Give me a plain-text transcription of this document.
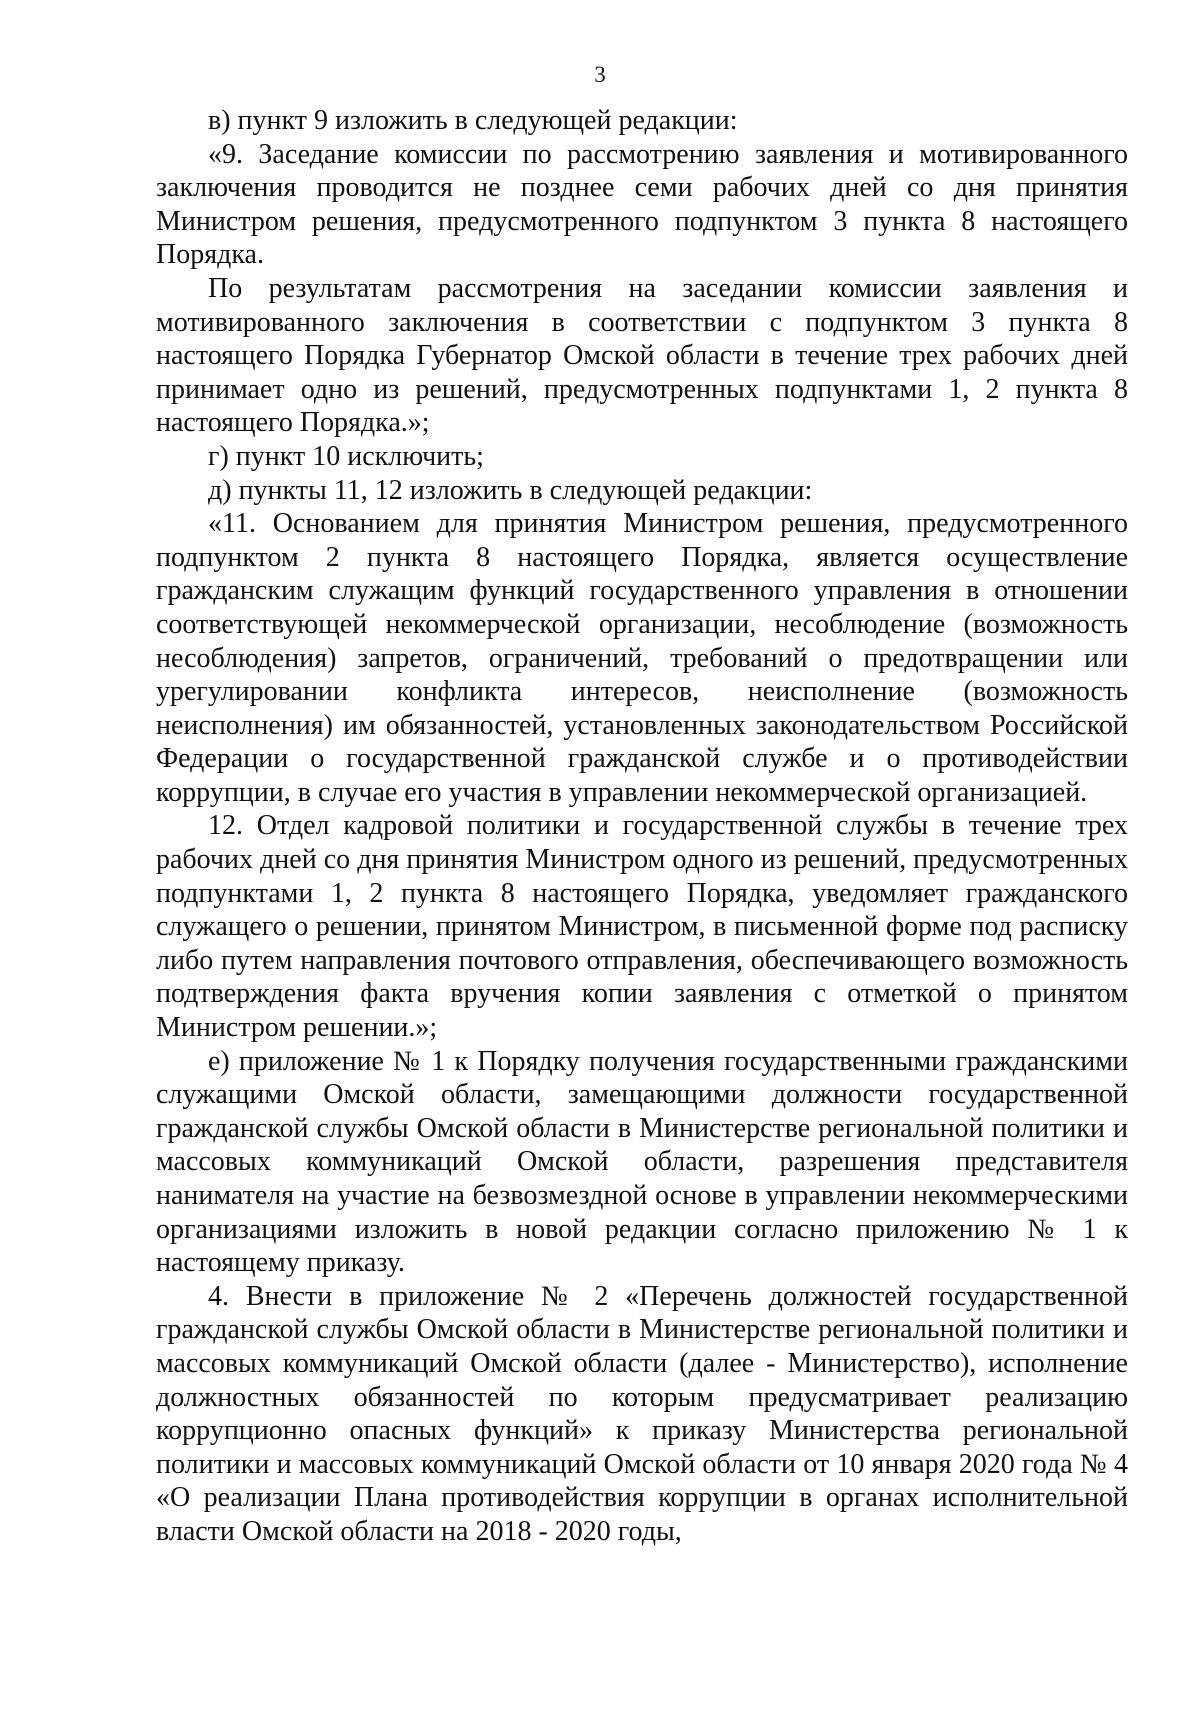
3

в) пункт 9 изложить в следующей редакции:

«9. Заседание комиссии по рассмотрению заявления и мотивированного заключения проводится не позднее семи рабочих дней со дня принятия Министром решения, предусмотренного подпунктом 3 пункта 8 настоящего Порядка.

По результатам рассмотрения на заседании комиссии заявления и мотивированного заключения в соответствии с подпунктом 3 пункта 8 настоящего Порядка Губернатор Омской области в течение трех рабочих дней принимает одно из решений, предусмотренных подпунктами 1, 2 пункта 8 настоящего Порядка.»;

г) пункт 10 исключить;

д) пункты 11, 12 изложить в следующей редакции:

«11. Основанием для принятия Министром решения, предусмотренного подпунктом 2 пункта 8 настоящего Порядка, является осуществление гражданским служащим функций государственного управления в отношении соответствующей некоммерческой организации, несоблюдение (возможность несоблюдения) запретов, ограничений, требований о предотвращении или урегулировании конфликта интересов, неисполнение (возможность неисполнения) им обязанностей, установленных законодательством Российской Федерации о государственной гражданской службе и о противодействии коррупции, в случае его участия в управлении некоммерческой организацией.

12. Отдел кадровой политики и государственной службы в течение трех рабочих дней со дня принятия Министром одного из решений, предусмотренных подпунктами 1, 2 пункта 8 настоящего Порядка, уведомляет гражданского служащего о решении, принятом Министром, в письменной форме под расписку либо путем направления почтового отправления, обеспечивающего возможность подтверждения факта вручения копии заявления с отметкой о принятом Министром решении.»;

е) приложение № 1 к Порядку получения государственными гражданскими служащими Омской области, замещающими должности государственной гражданской службы Омской области в Министерстве региональной политики и массовых коммуникаций Омской области, разрешения представителя нанимателя на участие на безвозмездной основе в управлении некоммерческими организациями изложить в новой редакции согласно приложению № 1 к настоящему приказу.

4. Внести в приложение № 2 «Перечень должностей государственной гражданской службы Омской области в Министерстве региональной политики и массовых коммуникаций Омской области (далее - Министерство), исполнение должностных обязанностей по которым предусматривает реализацию коррупционно опасных функций» к приказу Министерства региональной политики и массовых коммуникаций Омской области от 10 января 2020 года № 4 «О реализации Плана противодействия коррупции в органах исполнительной власти Омской области на 2018 - 2020 годы,
